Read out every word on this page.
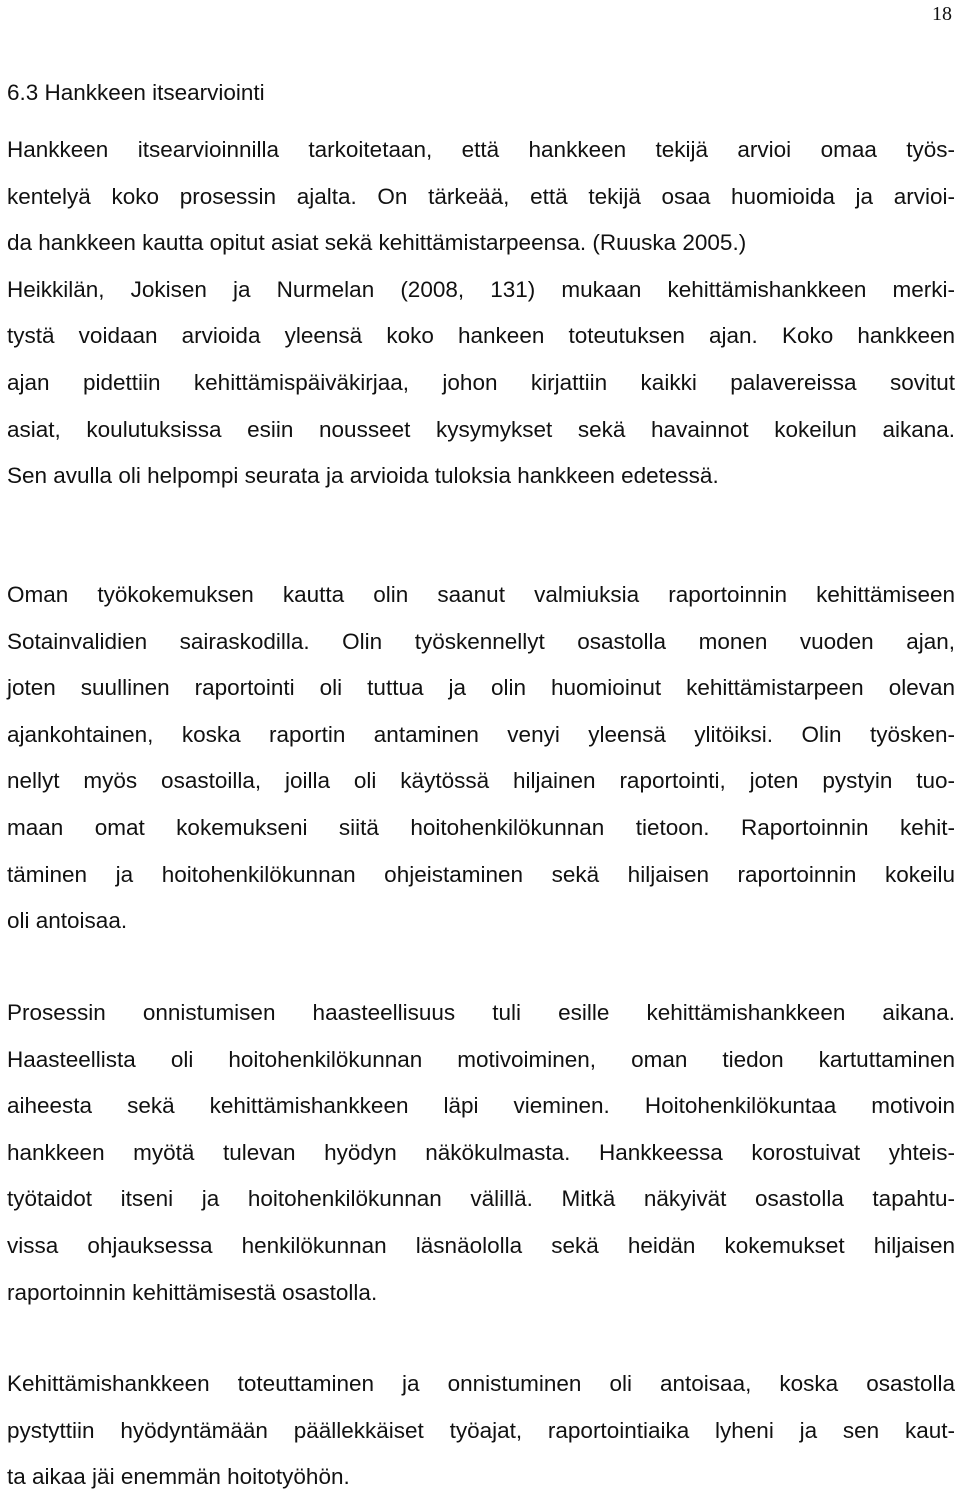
18
6.3 Hankkeen itsearviointi
Hankkeen itsearvioinnilla tarkoitetaan, että hankkeen tekijä arvioi omaa työs-
kentelyä koko prosessin ajalta. On tärkeää, että tekijä osaa huomioida ja arvioi-
da hankkeen kautta opitut asiat sekä kehittämistarpeensa. (Ruuska 2005.)
Heikkilän, Jokisen ja Nurmelan (2008, 131) mukaan kehittämishankkeen merki-
tystä voidaan arvioida yleensä koko hankeen toteutuksen ajan. Koko hankkeen
ajan pidettiin kehittämispäiväkirjaa, johon kirjattiin kaikki palavereissa sovitut
asiat, koulutuksissa esiin nousseet kysymykset sekä havainnot kokeilun aikana.
Sen avulla oli helpompi seurata ja arvioida tuloksia hankkeen edetessä.
Oman työkokemuksen kautta olin saanut valmiuksia raportoinnin kehittämiseen
Sotainvalidien sairaskodilla. Olin työskennellyt osastolla monen vuoden ajan,
joten suullinen raportointi oli tuttua ja olin huomioinut kehittämistarpeen olevan
ajankohtainen, koska raportin antaminen venyi yleensä ylitöiksi. Olin työsken-
nellyt myös osastoilla, joilla oli käytössä hiljainen raportointi, joten pystyin tuo-
maan omat kokemukseni siitä hoitohenkilökunnan tietoon. Raportoinnin kehit-
täminen ja hoitohenkilökunnan ohjeistaminen sekä hiljaisen raportoinnin kokeilu
oli antoisaa.
Prosessin onnistumisen haasteellisuus tuli esille kehittämishankkeen aikana.
Haasteellista oli hoitohenkilökunnan motivoiminen, oman tiedon kartuttaminen
aiheesta sekä kehittämishankkeen läpi vieminen. Hoitohenkilökuntaa motivoin
hankkeen myötä tulevan hyödyn näkökulmasta. Hankkeessa korostuivat yhteis-
työtaidot itseni ja hoitohenkilökunnan välillä. Mitkä näkyivät osastolla tapahtu-
vissa ohjauksessa henkilökunnan läsnäololla sekä heidän kokemukset hiljaisen
raportoinnin kehittämisestä osastolla.
Kehittämishankkeen toteuttaminen ja onnistuminen oli antoisaa, koska osastolla
pystyttiin hyödyntämään päällekkäiset työajat, raportointiaika lyheni ja sen kaut-
ta aikaa jäi enemmän hoitotyöhön.
